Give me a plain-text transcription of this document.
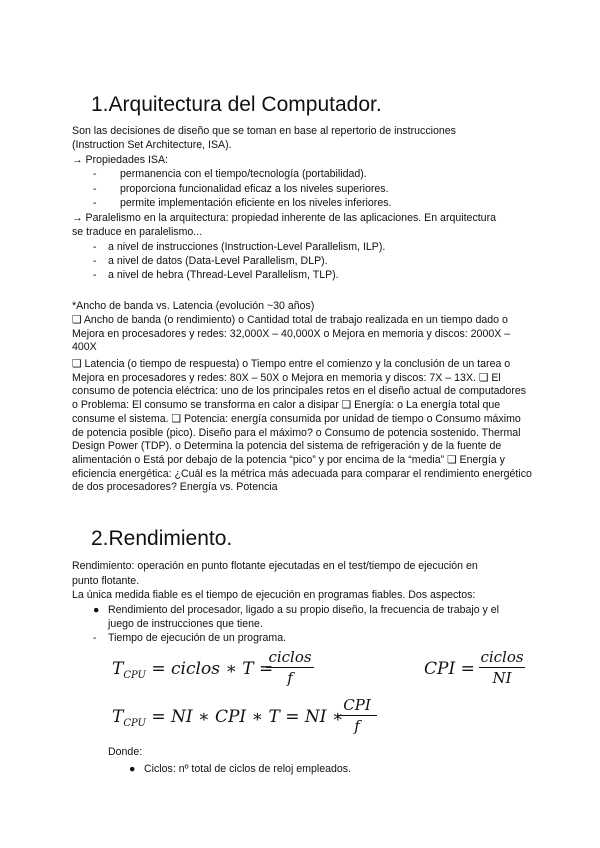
1.Arquitectura del Computador.
Son las decisiones de diseño que se toman en base al repertorio de instrucciones
(Instruction Set Architecture, ISA).
→ Propiedades ISA:
- permanencia con el tiempo/tecnología (portabilidad).
- proporciona funcionalidad eficaz a los niveles superiores.
- permite implementación eficiente en los niveles inferiores.
→ Paralelismo en la arquitectura: propiedad inherente de las aplicaciones. En arquitectura
se traduce en paralelismo...
- a nivel de instrucciones (Instruction-Level Parallelism, ILP).
- a nivel de datos (Data-Level Parallelism, DLP).
- a nivel de hebra (Thread-Level Parallelism, TLP).
*Ancho de banda vs. Latencia (evolución ~30 años)
❑ Ancho de banda (o rendimiento) o Cantidad total de trabajo realizada en un tiempo dado o Mejora en procesadores y redes: 32,000X – 40,000X o Mejora en memoria y discos: 2000X – 400X
❑ Latencia (o tiempo de respuesta) o Tiempo entre el comienzo y la conclusión de un tarea o Mejora en procesadores y redes: 80X – 50X o Mejora en memoria y discos: 7X – 13X. ❑ El consumo de potencia eléctrica: uno de los principales retos en el diseño actual de computadores o Problema: El consumo se transforma en calor a disipar ❑ Energía: o La energía total que consume el sistema. ❑ Potencia: energía consumida por unidad de tiempo o Consumo máximo de potencia posible (pico). Diseño para el máximo? o Consumo de potencia sostenido. Thermal Design Power (TDP). o Determina la potencia del sistema de refrigeración y de la fuente de alimentación o Está por debajo de la potencia “pico” y por encima de la “media” ❑ Energía y eficiencia energética: ¿Cuál es la métrica más adecuada para comparar el rendimiento energético de dos procesadores? Energía vs. Potencia
2.Rendimiento.
Rendimiento: operación en punto flotante ejecutadas en el test/tiempo de ejecución en
punto flotante.
La única medida fiable es el tiempo de ejecución en programas fiables. Dos aspectos:
● Rendimiento del procesador, ligado a su propio diseño, la frecuencia de trabajo y el
juego de instrucciones que tiene.
- Tiempo de ejecución de un programa.
$T_{CPU}$ = ciclos ∗ T =
ciclos
f	CPI =
ciclos
NI
$T_{CPU}$ = NI ∗ CPI ∗ T = NI ∗
CPI
f
Donde:
● Ciclos: nº total de ciclos de reloj empleados.
